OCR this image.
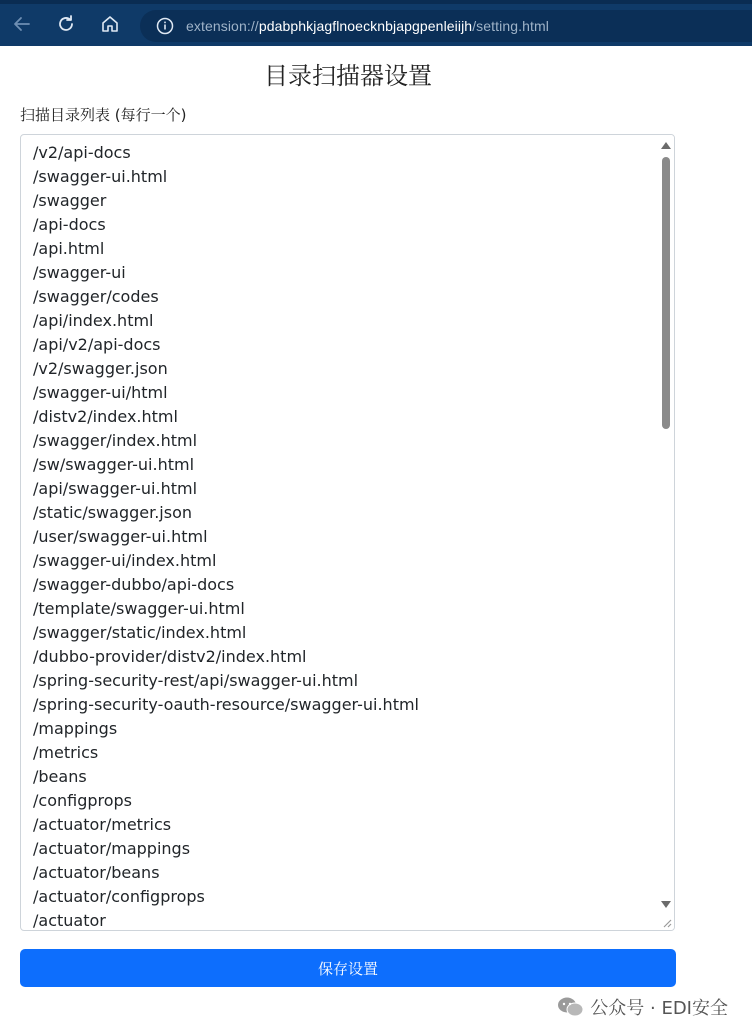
extension://pdabphkjagflnoecknbjapgpenleiijh/setting.html
目录扫描器设置
扫描目录列表 (每行一个)
/v2/api-docs
/swagger-ui.html
/swagger
/api-docs
/api.html
/swagger-ui
/swagger/codes
/api/index.html
/api/v2/api-docs
/v2/swagger.json
/swagger-ui/html
/distv2/index.html
/swagger/index.html
/sw/swagger-ui.html
/api/swagger-ui.html
/static/swagger.json
/user/swagger-ui.html
/swagger-ui/index.html
/swagger-dubbo/api-docs
/template/swagger-ui.html
/swagger/static/index.html
/dubbo-provider/distv2/index.html
/spring-security-rest/api/swagger-ui.html
/spring-security-oauth-resource/swagger-ui.html
/mappings
/metrics
/beans
/configprops
/actuator/metrics
/actuator/mappings
/actuator/beans
/actuator/configprops
/actuator
保存设置
公众号 · EDI安全
